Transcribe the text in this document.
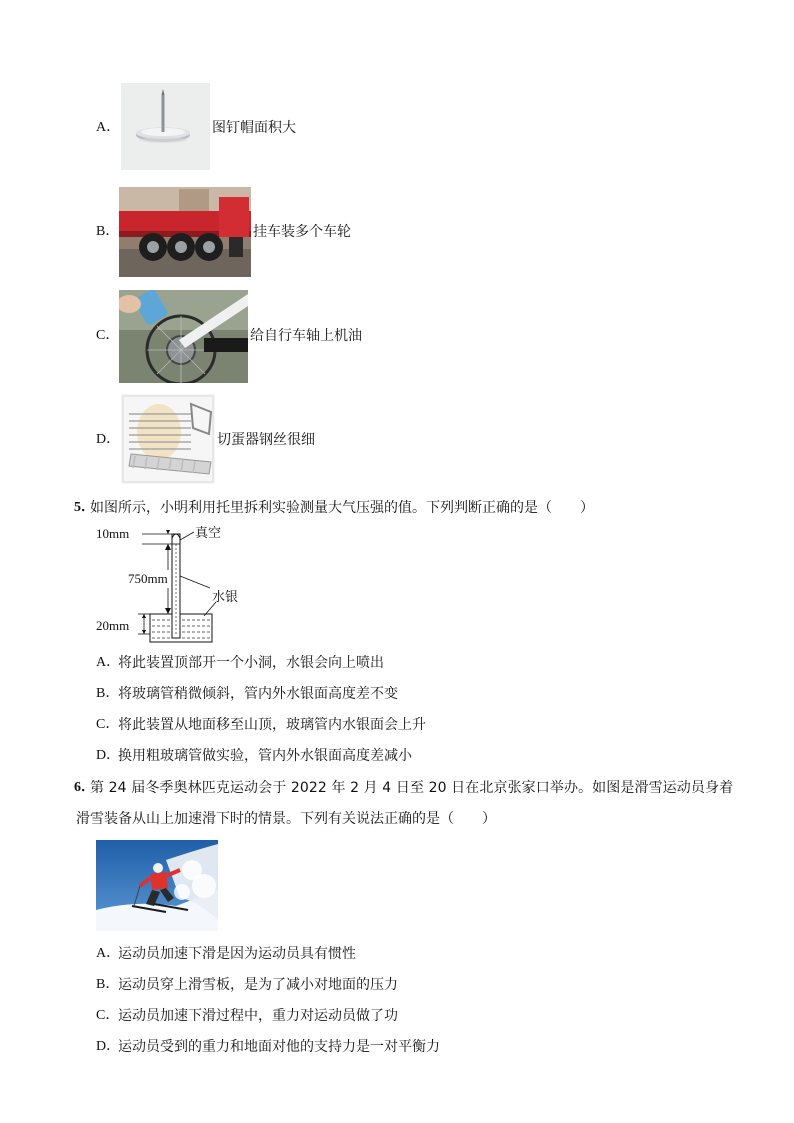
A．	图钉帽面积大
B．	挂车装多个车轮
C．	给自行车轴上机油
D．	切蛋器钢丝很细
5．
如图所示，小明利用托里拆利实验测量大气压强的值。下列判断正确的是（　　）
10mm
750mm
20mm
真空
水银
A．
将此装置顶部开一个小洞，水银会向上喷出
B．
将玻璃管稍微倾斜，管内外水银面高度差不变
C．
将此装置从地面移至山顶，玻璃管内水银面会上升
D．
换用粗玻璃管做实验，管内外水银面高度差减小
6．
第 24 届冬季奥林匹克运动会于 2022 年 2 月 4 日至 20 日在北京张家口举办。如图是滑雪运动员身着
滑雪装备从山上加速滑下时的情景。下列有关说法正确的是（　　）
A．
运动员加速下滑是因为运动员具有惯性
B．
运动员穿上滑雪板，是为了减小对地面的压力
C．
运动员加速下滑过程中，重力对运动员做了功
D．
运动员受到的重力和地面对他的支持力是一对平衡力
